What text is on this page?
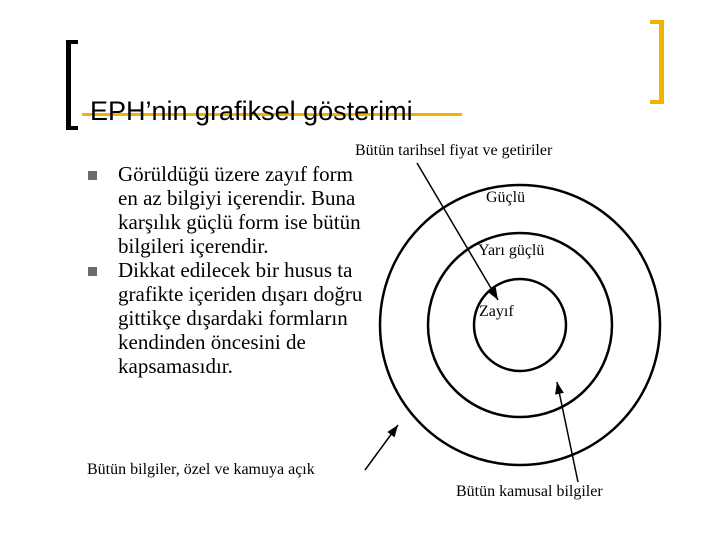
EPH’nin grafiksel gösterimi
Görüldüğü üzere zayıf form en az bilgiyi içerendir. Buna karşılık güçlü form ise bütün bilgileri içerendir.
Dikkat edilecek bir husus ta grafikte içeriden dışarı doğru gittikçe dışardaki formların kendinden öncesini de kapsamasıdır.
Bütün tarihsel fiyat ve getiriler
Güçlü
Yarı güçlü
Zayıf
Bütün bilgiler, özel ve kamuya açık
Bütün kamusal bilgiler
